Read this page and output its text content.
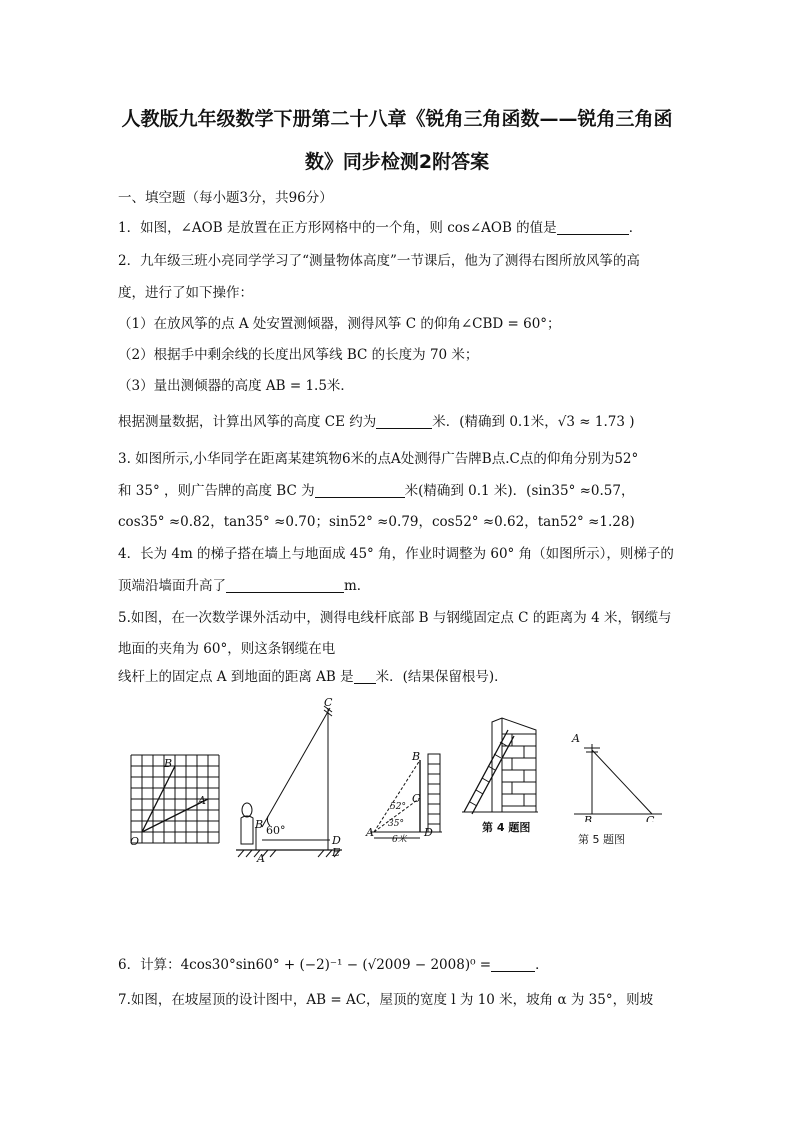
人教版九年级数学下册第二十八章《锐角三角函数——锐角三角函
数》同步检测2附答案
一、填空题（每小题3分，共96分）
1．如图，∠AOB 是放置在正方形网格中的一个角，则 cos∠AOB 的值是	．
2．九年级三班小亮同学学习了“测量物体高度”一节课后，他为了测得右图所放风筝的高
度，进行了如下操作：
（1）在放风筝的点 A 处安置测倾器，测得风筝 C 的仰角∠CBD = 60°；
（2）根据手中剩余线的长度出风筝线 BC 的长度为 70 米；
（3）量出测倾器的高度 AB = 1.5米．
根据测量数据，计算出风筝的高度 CE 约为	米．(精确到 0.1米，√3 ≈ 1.73 )
3. 如图所示,小华同学在距离某建筑物6米的点A处测得广告牌B点.C点的仰角分别为52°
和 35° ，则广告牌的高度 BC 为	米(精确到 0.1 米)．(sin35° ≈0.57，
cos35° ≈0.82，tan35° ≈0.70；sin52° ≈0.79，cos52° ≈0.62，tan52° ≈1.28)
4．长为 4m 的梯子搭在墙上与地面成 45° 角，作业时调整为 60° 角（如图所示），则梯子的
顶端沿墙面升高了	m．
5.如图，在一次数学课外活动中，测得电线杆底部 B 与钢缆固定点 C 的距离为 4 米，钢缆与
地面的夹角为 60°，则这条钢缆在电
线杆上的固定点 A 到地面的距离 AB 是 米．(结果保留根号)．
B
A
O
C
B 60°
D
E
A
B
C
52°
35°
A	D
6米
第 4 题图
A
B	C
第 5 题图
6．计算：4cos30°sin60° + (−2)⁻¹ − (√2009 − 2008)⁰ =	．
7.如图，在坡屋顶的设计图中，AB = AC，屋顶的宽度 l 为 10 米，坡角 α 为 35°，则坡
